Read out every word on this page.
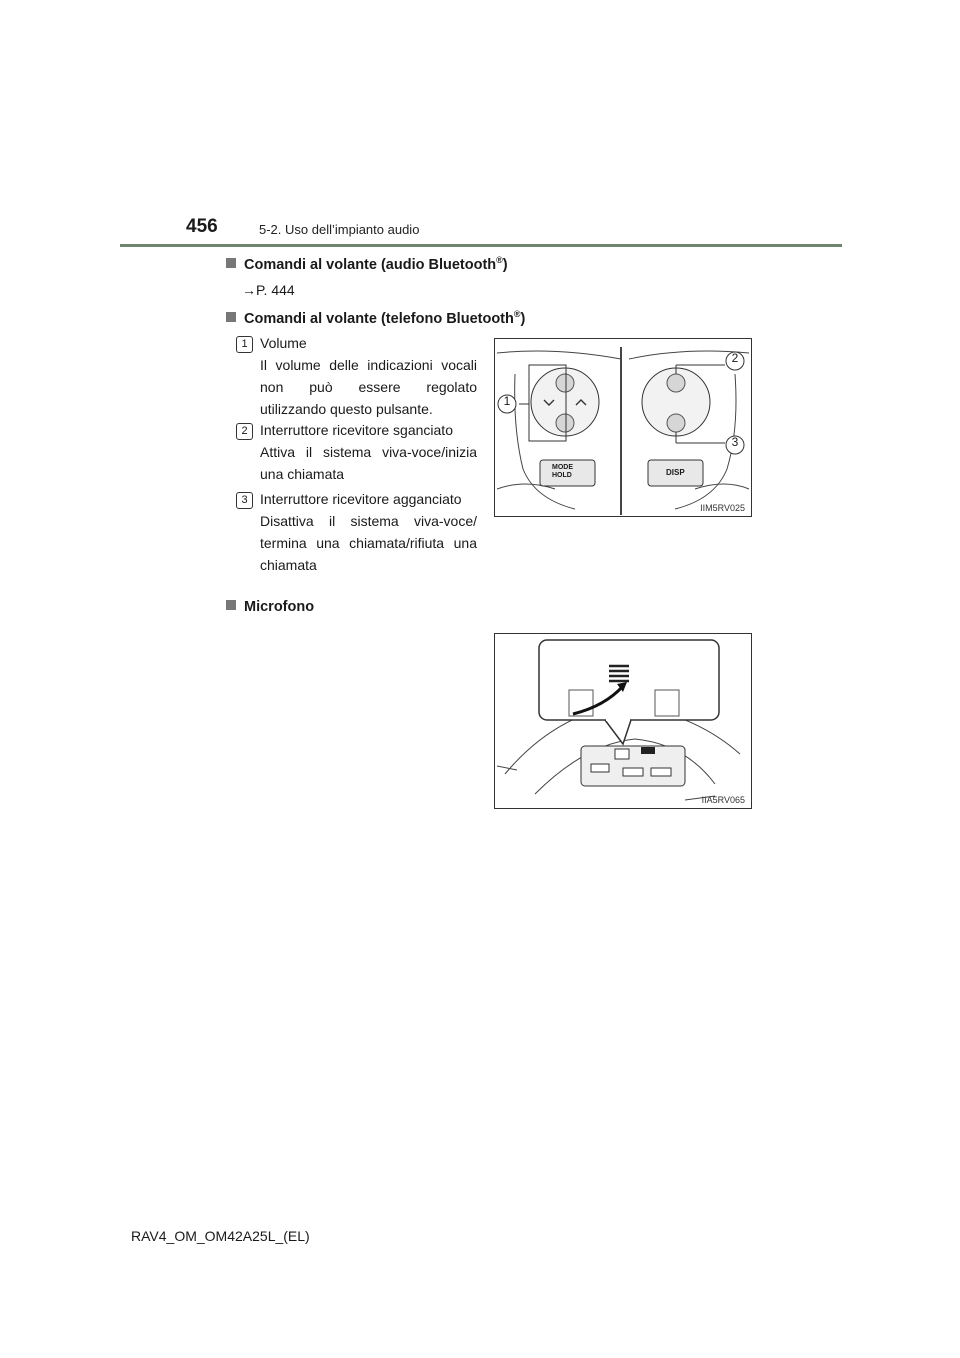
456	5-2. Uso dell’impianto audio
Comandi al volante (audio Bluetooth®)
→P. 444
Comandi al volante (telefono Bluetooth®)
1 Volume
Il volume delle indicazioni vocali non può essere regolato utilizzando questo pulsante.
2 Interruttore ricevitore sganciato
Attiva il sistema viva-voce/inizia una chiamata
3 Interruttore ricevitore agganciato
Disattiva il sistema viva-voce/ termina una chiamata/rifiuta una chiamata
1
2
3
MODE
HOLD	DISP
IIM5RV025
Microfono
IIA5RV065
RAV4_OM_OM42A25L_(EL)
